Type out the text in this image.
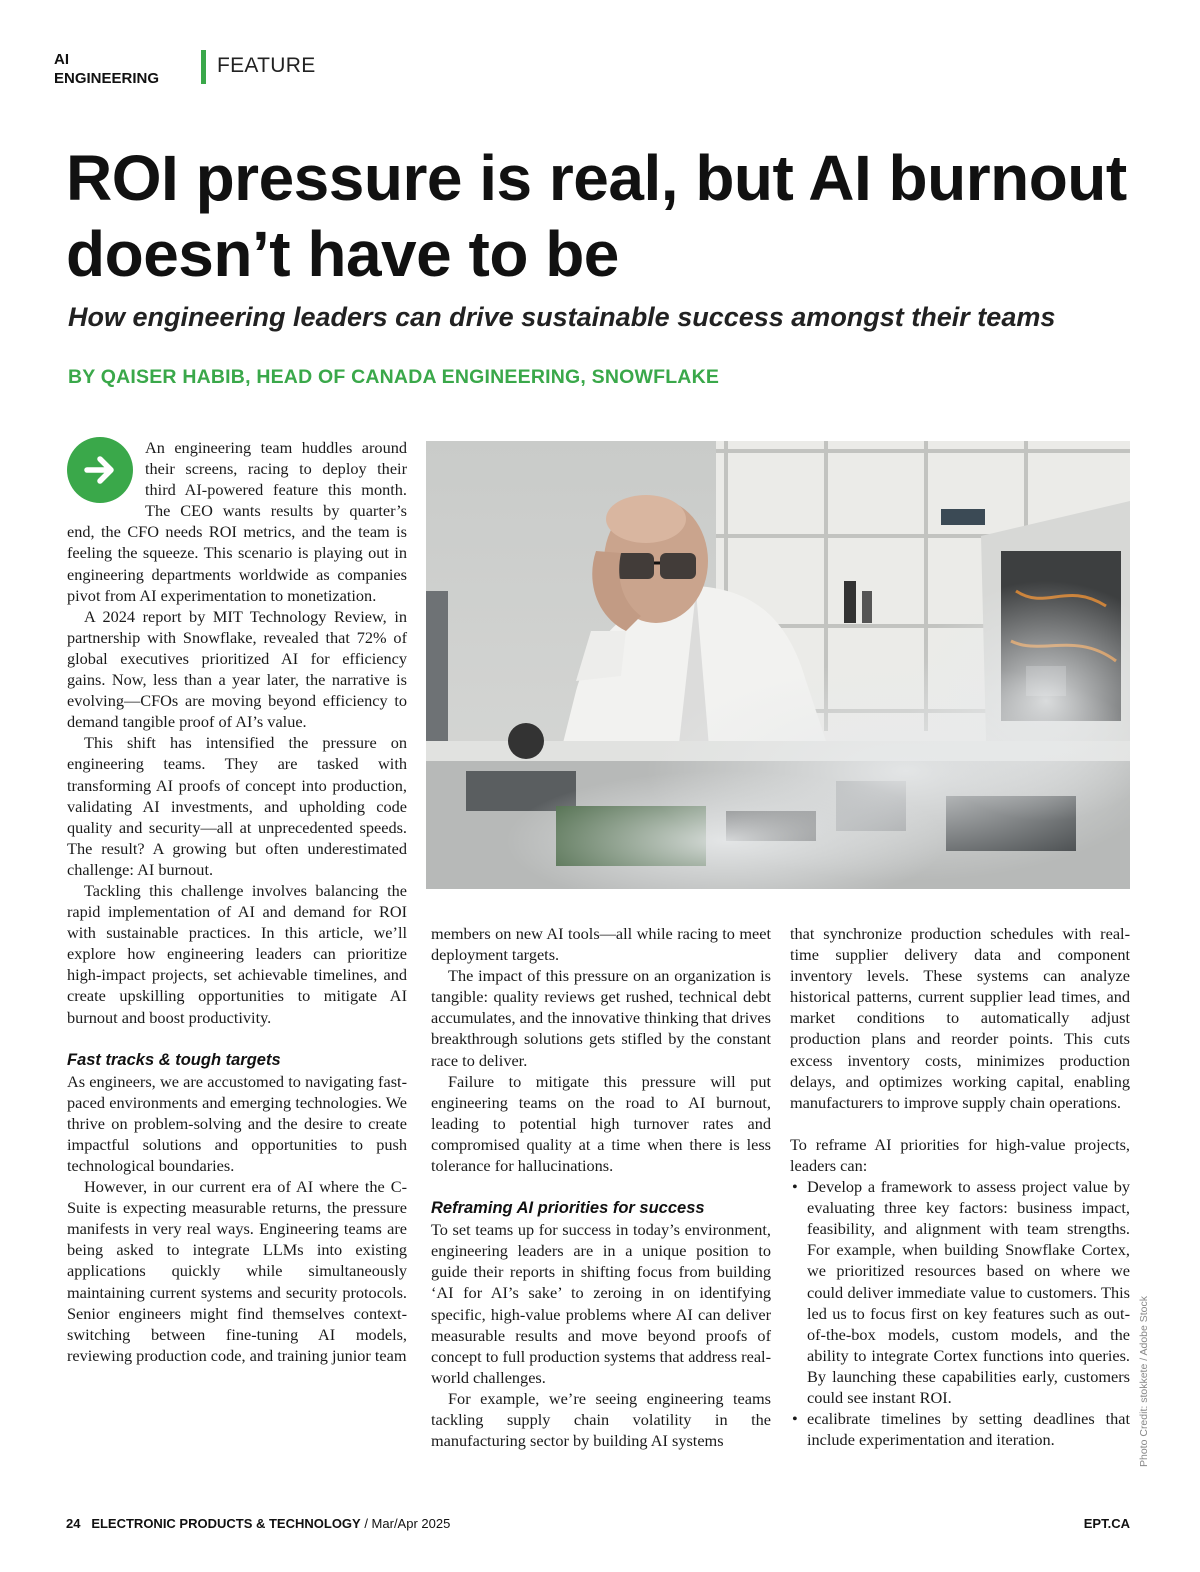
AI
ENGINEERING
FEATURE
ROI pressure is real, but AI burnout doesn’t have to be
How engineering leaders can drive sustainable success amongst their teams
BY QAISER HABIB, HEAD OF CANADA ENGINEERING, SNOWFLAKE

An engineering team huddles around their screens, racing to deploy their third AI-powered feature this month. The CEO wants results by quarter’s end, the CFO needs ROI metrics, and the team is feeling the squeeze. This scenario is playing out in engineering departments worldwide as companies pivot from AI experimentation to monetization.

A 2024 report by MIT Technology Review, in partnership with Snowflake, revealed that 72% of global executives prioritized AI for efficiency gains. Now, less than a year later, the narrative is evolving—CFOs are moving beyond efficiency to demand tangible proof of AI’s value.

This shift has intensified the pressure on engineering teams. They are tasked with transforming AI proofs of concept into production, validating AI investments, and upholding code quality and security—all at unprecedented speeds. The result? A growing but often underestimated challenge: AI burnout.

Tackling this challenge involves balancing the rapid implementation of AI and demand for ROI with sustainable practices. In this article, we’ll explore how engineering leaders can prioritize high-impact projects, set achievable timelines, and create upskilling opportunities to mitigate AI burnout and boost productivity.

Fast tracks & tough targets

As engineers, we are accustomed to navigating fast-paced environments and emerging technologies. We thrive on problem-solving and the desire to create impactful solutions and opportunities to push technological boundaries.

However, in our current era of AI where the C-Suite is expecting measurable returns, the pressure manifests in very real ways. Engineering teams are being asked to integrate LLMs into existing applications quickly while simultaneously maintaining current systems and security protocols. Senior engineers might find themselves context-switching between fine-tuning AI models, reviewing production code, and training junior team

members on new AI tools—all while racing to meet deployment targets.

The impact of this pressure on an organization is tangible: quality reviews get rushed, technical debt accumulates, and the innovative thinking that drives breakthrough solutions gets stifled by the constant race to deliver.

Failure to mitigate this pressure will put engineering teams on the road to AI burnout, leading to potential high turnover rates and compromised quality at a time when there is less tolerance for hallucinations.

Reframing AI priorities for success

To set teams up for success in today’s environment, engineering leaders are in a unique position to guide their reports in shifting focus from building ‘AI for AI’s sake’ to zeroing in on identifying specific, high-value problems where AI can deliver measurable results and move beyond proofs of concept to full production systems that address real-world challenges.

For example, we’re seeing engineering teams tackling supply chain volatility in the manufacturing sector by building AI systems

that synchronize production schedules with real-time supplier delivery data and component inventory levels. These systems can analyze historical patterns, current supplier lead times, and market conditions to automatically adjust production plans and reorder points. This cuts excess inventory costs, minimizes production delays, and optimizes working capital, enabling manufacturers to improve supply chain operations.

To reframe AI priorities for high-value projects, leaders can:

• Develop a framework to assess project value by evaluating three key factors: business impact, feasibility, and alignment with team strengths. For example, when building Snowflake Cortex, we prioritized resources based on where we could deliver immediate value to customers. This led us to focus first on key features such as out-of-the-box models, custom models, and the ability to integrate Cortex functions into queries. By launching these capabilities early, customers could see instant ROI.
• ecalibrate timelines by setting deadlines that include experimentation and iteration.	Photo Credit: stokkete / Adobe Stock
24 ELECTRONIC PRODUCTS & TECHNOLOGY / Mar/Apr 2025	EPT.CA
